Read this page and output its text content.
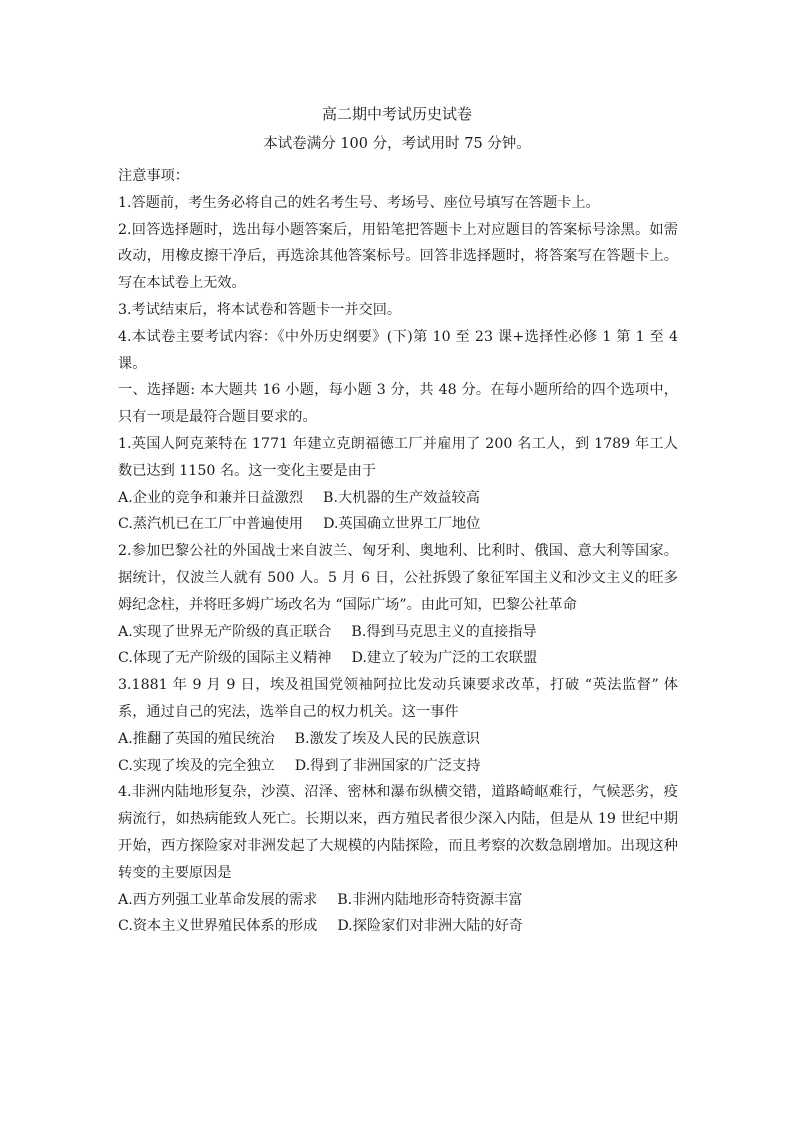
高二期中考试历史试卷
本试卷满分 100 分，考试用时 75 分钟。

注意事项：

1.答题前，考生务必将自己的姓名考生号、考场号、座位号填写在答题卡上。

2.回答选择题时，选出每小题答案后，用铅笔把答题卡上对应题目的答案标号涂黑。如需改动，用橡皮擦干净后，再选涂其他答案标号。回答非选择题时，将答案写在答题卡上。写在本试卷上无效。

3.考试结束后，将本试卷和答题卡一并交回。

4.本试卷主要考试内容：《中外历史纲要》(下)第 10 至 23 课+选择性必修 1 第 1 至 4 课。

一、选择题: 本大题共 16 小题，每小题 3 分，共 48 分。在每小题所给的四个选项中，只有一项是最符合题目要求的。

1.英国人阿克莱特在 1771 年建立克朗福德工厂并雇用了 200 名工人，到 1789 年工人数已达到 1150 名。这一变化主要是由于

A.企业的竞争和兼并日益激烈 B.大机器的生产效益较高
C.蒸汽机已在工厂中普遍使用 D.英国确立世界工厂地位

2.参加巴黎公社的外国战士来自波兰、匈牙利、奥地利、比利时、俄国、意大利等国家。据统计，仅波兰人就有 500 人。5 月 6 日，公社拆毁了象征军国主义和沙文主义的旺多姆纪念柱，并将旺多姆广场改名为 “国际广场”。由此可知，巴黎公社革命

A.实现了世界无产阶级的真正联合 B.得到马克思主义的直接指导
C.体现了无产阶级的国际主义精神 D.建立了较为广泛的工农联盟

3.1881 年 9 月 9 日，埃及祖国党领袖阿拉比发动兵谏要求改革，打破 “英法监督” 体系，通过自己的宪法，选举自己的权力机关。这一事件

A.推翻了英国的殖民统治 B.激发了埃及人民的民族意识
C.实现了埃及的完全独立 D.得到了非洲国家的广泛支持

4.非洲内陆地形复杂，沙漠、沼泽、密林和瀑布纵横交错，道路崎岖难行，气候恶劣，疫病流行，如热病能致人死亡。长期以来，西方殖民者很少深入内陆，但是从 19 世纪中期开始，西方探险家对非洲发起了大规模的内陆探险，而且考察的次数急剧增加。出现这种转变的主要原因是

A.西方列强工业革命发展的需求 B.非洲内陆地形奇特资源丰富
C.资本主义世界殖民体系的形成 D.探险家们对非洲大陆的好奇
